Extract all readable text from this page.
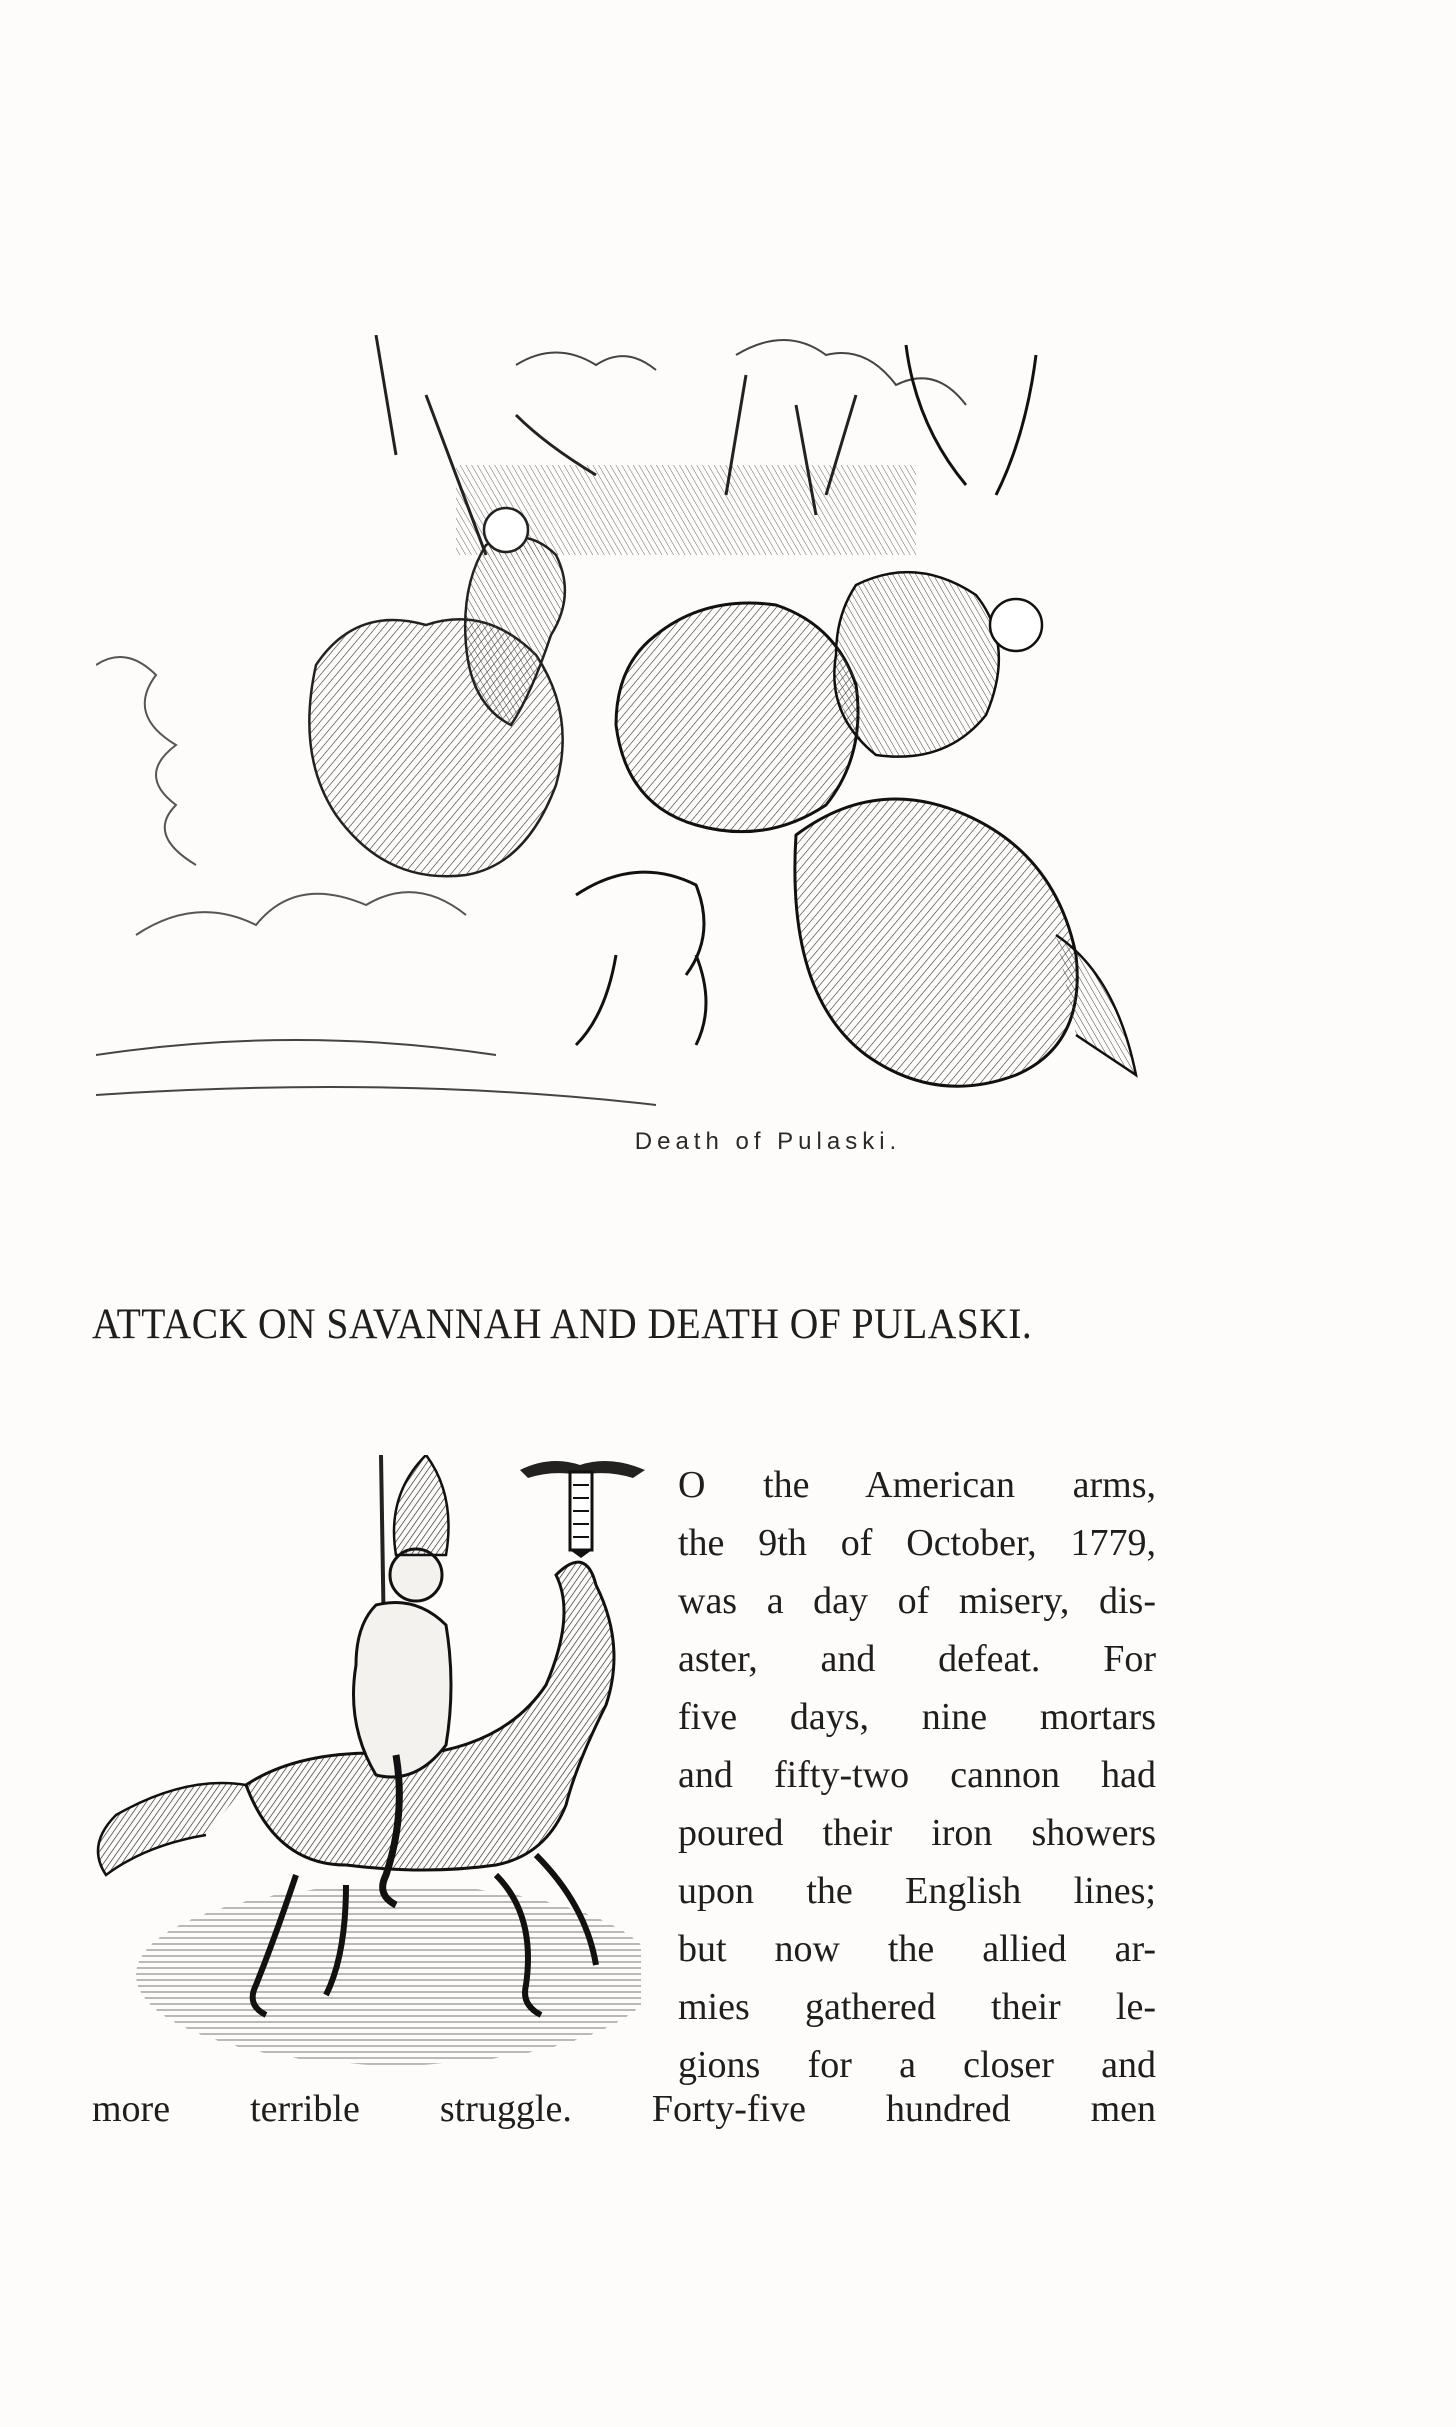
Death of Pulaski.
ATTACK ON SAVANNAH AND DEATH OF PULASKI.
T
O the American arms,
the 9th of October, 1779,
was a day of misery, dis-
aster, and defeat. For
five days, nine mortars
and fifty-two cannon had
poured their iron showers
upon the English lines;
but now the allied ar-
mies gathered their le-
gions for a closer and
more terrible struggle. Forty-five hundred men
